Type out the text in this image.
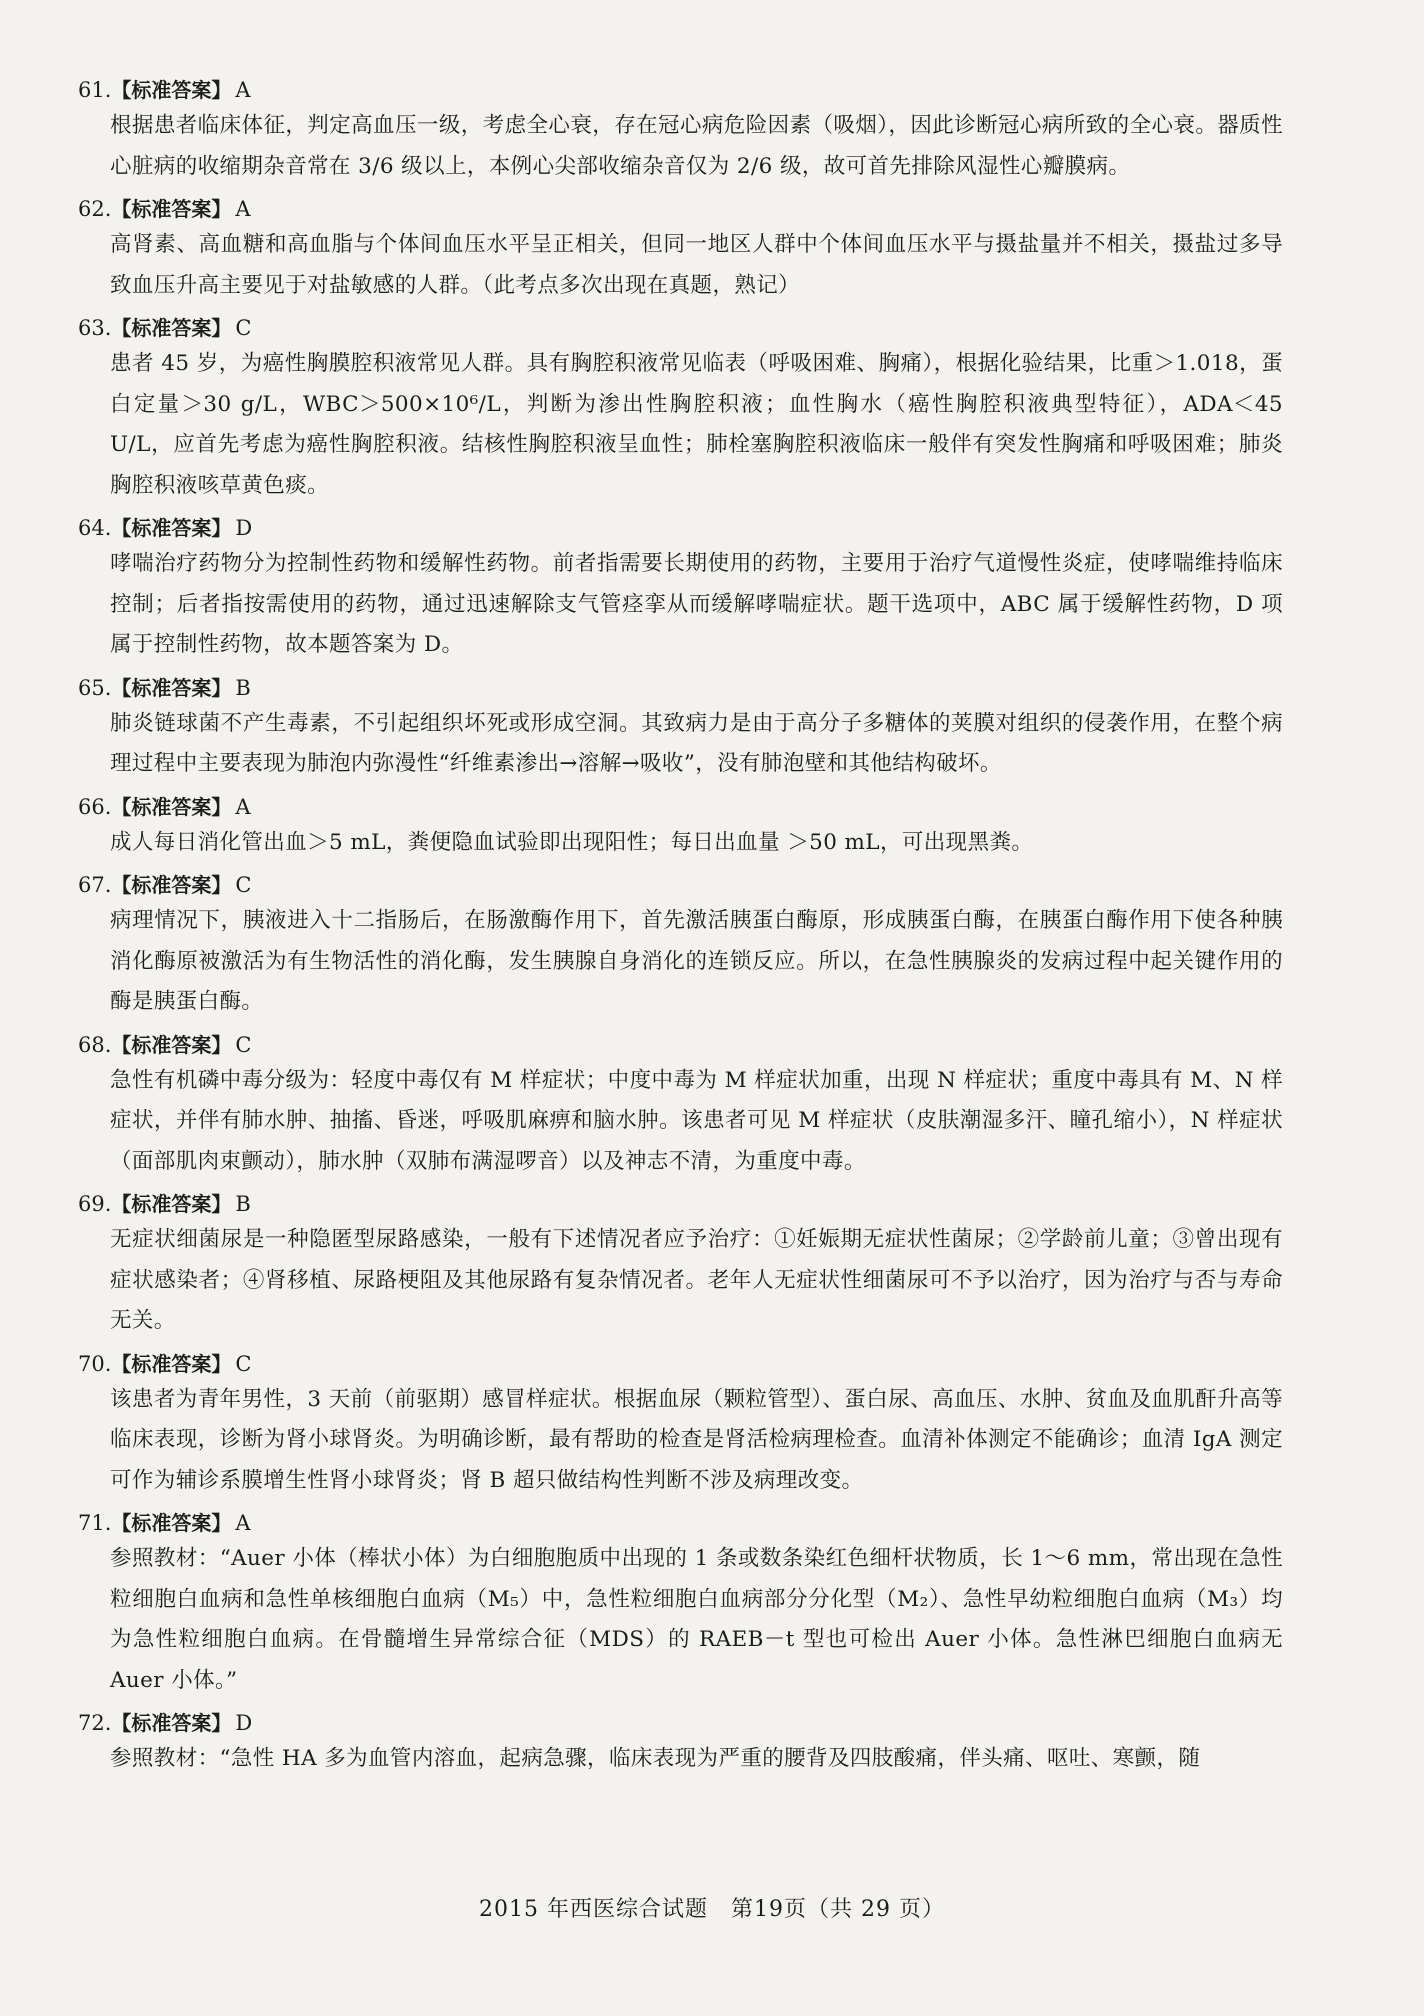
61.【标准答案】 A
根据患者临床体征，判定高血压一级，考虑全心衰，存在冠心病危险因素（吸烟），因此诊断冠心病所致的全心衰。器质性心脏病的收缩期杂音常在 3/6 级以上，本例心尖部收缩杂音仅为 2/6 级，故可首先排除风湿性心瓣膜病。
62.【标准答案】 A
高肾素、高血糖和高血脂与个体间血压水平呈正相关，但同一地区人群中个体间血压水平与摄盐量并不相关，摄盐过多导致血压升高主要见于对盐敏感的人群。（此考点多次出现在真题，熟记）
63.【标准答案】 C
患者 45 岁，为癌性胸膜腔积液常见人群。具有胸腔积液常见临表（呼吸困难、胸痛），根据化验结果，比重＞1.018，蛋白定量＞30 g/L，WBC＞500×10⁶/L，判断为渗出性胸腔积液；血性胸水（癌性胸腔积液典型特征），ADA＜45 U/L，应首先考虑为癌性胸腔积液。结核性胸腔积液呈血性；肺栓塞胸腔积液临床一般伴有突发性胸痛和呼吸困难；肺炎胸腔积液咳草黄色痰。
64.【标准答案】 D
哮喘治疗药物分为控制性药物和缓解性药物。前者指需要长期使用的药物，主要用于治疗气道慢性炎症，使哮喘维持临床控制；后者指按需使用的药物，通过迅速解除支气管痉挛从而缓解哮喘症状。题干选项中，ABC 属于缓解性药物，D 项属于控制性药物，故本题答案为 D。
65.【标准答案】 B
肺炎链球菌不产生毒素，不引起组织坏死或形成空洞。其致病力是由于高分子多糖体的荚膜对组织的侵袭作用，在整个病理过程中主要表现为肺泡内弥漫性“纤维素渗出→溶解→吸收”，没有肺泡壁和其他结构破坏。
66.【标准答案】 A
成人每日消化管出血＞5 mL，粪便隐血试验即出现阳性；每日出血量 ＞50 mL，可出现黑粪。
67.【标准答案】 C
病理情况下，胰液进入十二指肠后，在肠激酶作用下，首先激活胰蛋白酶原，形成胰蛋白酶，在胰蛋白酶作用下使各种胰消化酶原被激活为有生物活性的消化酶，发生胰腺自身消化的连锁反应。所以，在急性胰腺炎的发病过程中起关键作用的酶是胰蛋白酶。
68.【标准答案】 C
急性有机磷中毒分级为：轻度中毒仅有 M 样症状；中度中毒为 M 样症状加重，出现 N 样症状；重度中毒具有 M、N 样症状，并伴有肺水肿、抽搐、昏迷，呼吸肌麻痹和脑水肿。该患者可见 M 样症状（皮肤潮湿多汗、瞳孔缩小），N 样症状（面部肌肉束颤动），肺水肿（双肺布满湿啰音）以及神志不清，为重度中毒。
69.【标准答案】 B
无症状细菌尿是一种隐匿型尿路感染，一般有下述情况者应予治疗：①妊娠期无症状性菌尿；②学龄前儿童；③曾出现有症状感染者；④肾移植、尿路梗阻及其他尿路有复杂情况者。老年人无症状性细菌尿可不予以治疗，因为治疗与否与寿命无关。
70.【标准答案】 C
该患者为青年男性，3 天前（前驱期）感冒样症状。根据血尿（颗粒管型）、蛋白尿、高血压、水肿、贫血及血肌酐升高等临床表现，诊断为肾小球肾炎。为明确诊断，最有帮助的检查是肾活检病理检查。血清补体测定不能确诊；血清 IgA 测定可作为辅诊系膜增生性肾小球肾炎；肾 B 超只做结构性判断不涉及病理改变。
71.【标准答案】 A
参照教材：“Auer 小体（棒状小体）为白细胞胞质中出现的 1 条或数条染红色细杆状物质，长 1～6 mm，常出现在急性粒细胞白血病和急性单核细胞白血病（M₅）中，急性粒细胞白血病部分分化型（M₂）、急性早幼粒细胞白血病（M₃）均为急性粒细胞白血病。在骨髓增生异常综合征（MDS）的 RAEB－t 型也可检出 Auer 小体。急性淋巴细胞白血病无 Auer 小体。”
72.【标准答案】 D
参照教材：“急性 HA 多为血管内溶血，起病急骤，临床表现为严重的腰背及四肢酸痛，伴头痛、呕吐、寒颤，随
2015 年西医综合试题　第19页（共 29 页）
